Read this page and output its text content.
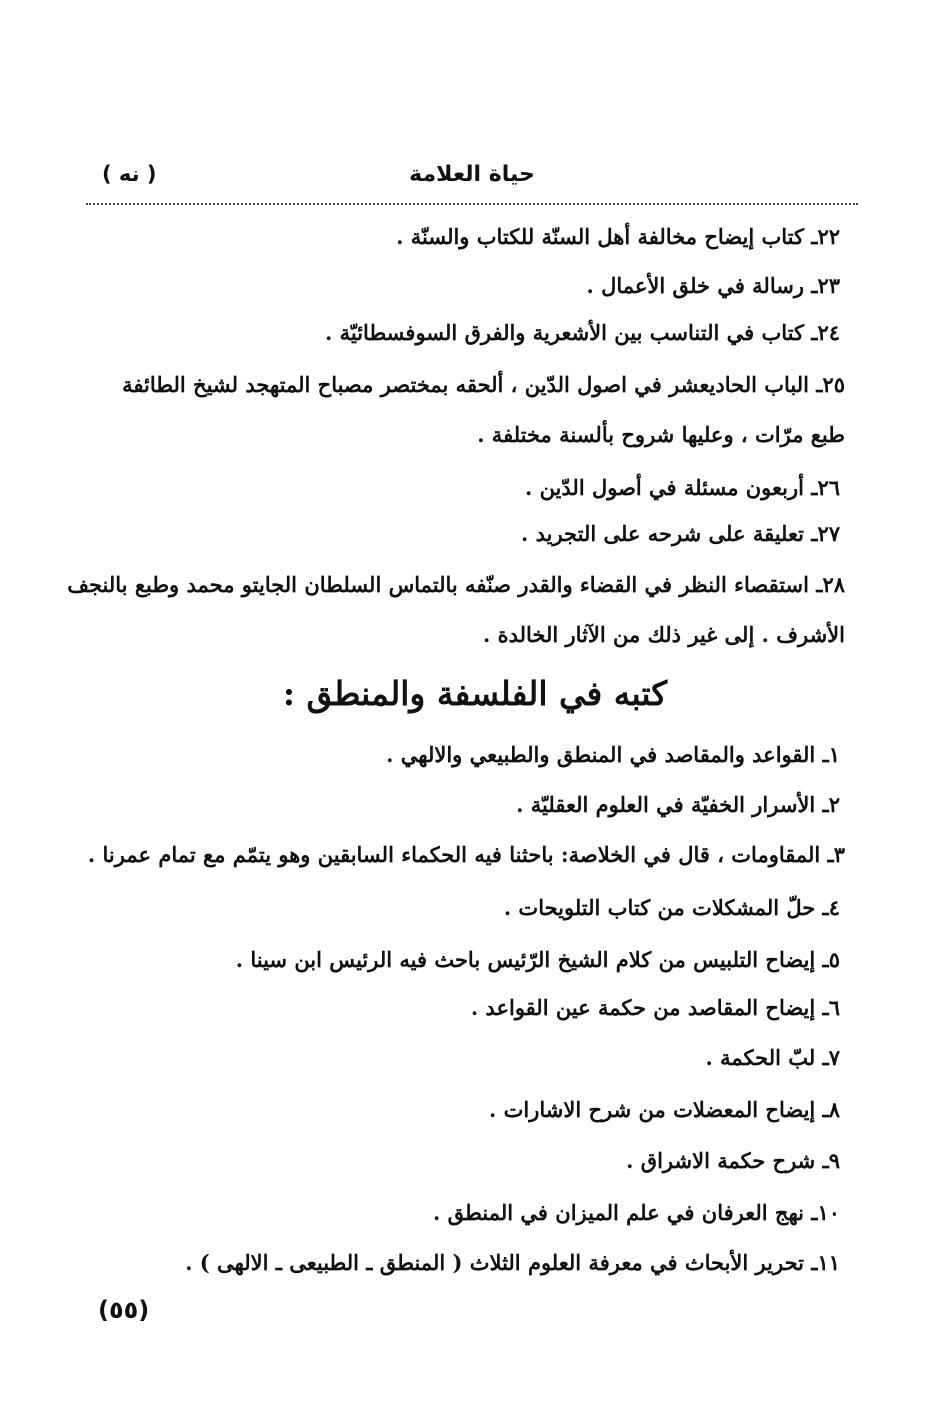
حياة العلامة
( نه )
٢٢ـ كتاب إيضاح مخالفة أهل السنّة للكتاب والسنّة .
٢٣ـ رسالة في خلق الأعمال .
٢٤ـ كتاب في التناسب بين الأشعرية والفرق السوفسطائيّة .
٢٥ـ الباب الحاديعشر في اصول الدّين ، ألحقه بمختصر مصباح المتهجد لشيخ الطائفة
طبع مرّات ، وعليها شروح بألسنة مختلفة .
٢٦ـ أربعون مسئلة في أصول الدّين .
٢٧ـ تعليقة على شرحه على التجريد .
٢٨ـ استقصاء النظر في القضاء والقدر صنّفه بالتماس السلطان الجايتو محمد وطبع بالنجف
الأشرف . إلى غير ذلك من الآثار الخالدة .
كتبه في الفلسفة والمنطق :
١ـ القواعد والمقاصد في المنطق والطبيعي والالهي .
٢ـ الأسرار الخفيّة في العلوم العقليّة .
٣ـ المقاومات ، قال في الخلاصة: باحثنا فيه الحكماء السابقين وهو يتمّم مع تمام عمرنا .
٤ـ حلّ المشكلات من كتاب التلويحات .
٥ـ إيضاح التلبيس من كلام الشيخ الرّئيس باحث فيه الرئيس ابن سينا .
٦ـ إيضاح المقاصد من حكمة عين القواعد .
٧ـ لبّ الحكمة .
٨ـ إيضاح المعضلات من شرح الاشارات .
٩ـ شرح حكمة الاشراق .
١٠ـ نهج العرفان في علم الميزان في المنطق .
١١ـ تحرير الأبحاث في معرفة العلوم الثلاث ( المنطق ـ الطبيعى ـ الالهى ) .
(٥٥)
